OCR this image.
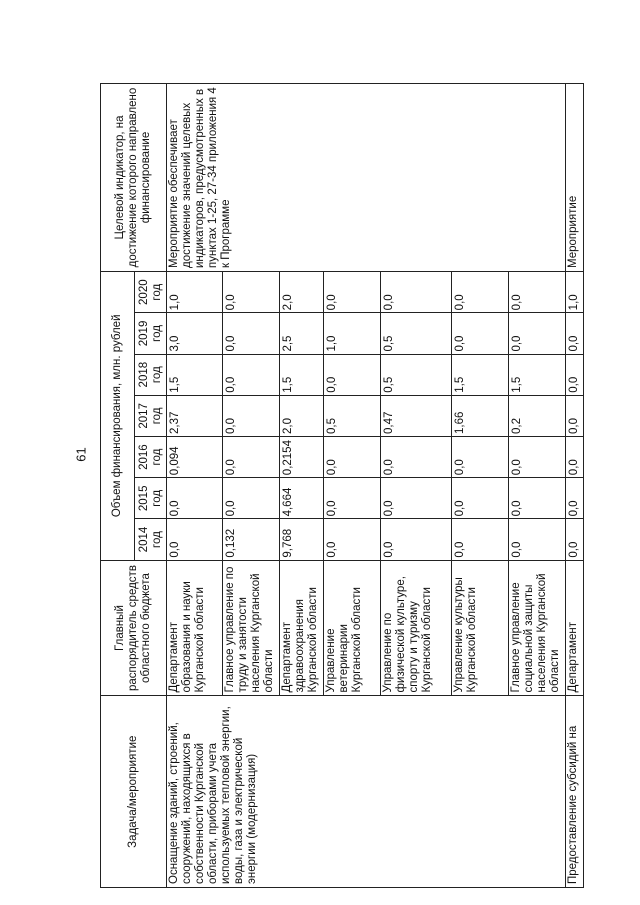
61
Задача/мероприятие	Главный распорядитель средств областного бюджета	Объем финансирования, млн. рублей							Целевой индикатор, на достижение которого направлено финансирование
		2014 год	2015 год	2016 год	2017 год	2018 год	2019 год	2020 год	
Оснащение зданий, строений, сооружений, находящихся в собственности Курганской области, приборами учета используемых тепловой энергии, воды, газа и электрической энергии (модернизация)	Департамент образования и науки Курганской области	0,0	0,0	0,094	2,37	1,5	3,0	1,0	Мероприятие обеспечивает достижение значений целевых индикаторов, предусмотренных в пунктах 1-25, 27-34 приложения 4 к Программе
	Главное управление по труду и занятости населения Курганской области	0,132	0,0	0,0	0,0	0,0	0,0	0,0	
	Департамент здравоохранения Курганской области	9,768	4,664	0,2154	2,0	1,5	2,5	2,0	
	Управление ветеринарии Курганской области	0,0	0,0	0,0	0,5	0,0	1,0	0,0	
	Управление по физической культуре, спорту и туризму Курганской области	0,0	0,0	0,0	0,47	0,5	0,5	0,0	
	Управление культуры Курганской области	0,0	0,0	0,0	1,66	1,5	0,0	0,0	
	Главное управление социальной защиты населения Курганской области	0,0	0,0	0,0	0,2	1,5	0,0	0,0	
Предоставление субсидий на	Департамент	0,0	0,0	0,0	0,0	0,0	0,0	1,0	Мероприятие
